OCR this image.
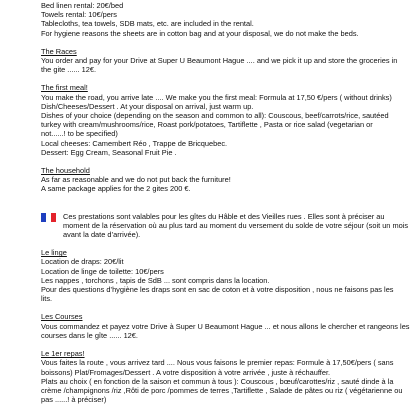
Bed linen rental: 20€/bed
Towels rental: 10€/pers
Tablecloths, tea towels, SDB mats, etc. are included in the rental.
For hygiene reasons the sheets are in cotton bag and at your disposal, we do not make the beds.
The Races
You order and pay for your Drive at Super U Beaumont Hague .... and we pick it up and store the groceries in
the gite ...... 12€.
The first meal!
You make the road, you arrive late .... We make you the first meal: Formula at 17,50 €/pers ( without drinks)
Dish/Cheeses/Dessert . At your disposal on arrival, just warm up.
Dishes of your choice (depending on the season and common to all): Couscous, beef/carrots/rice, sautéed
turkey with cream/mushrooms/rice, Roast pork/potatoes, Tartiflette , Pasta or rice salad (vegetarian or
not......! to be specified)
Local cheeses: Camembert Réo , Trappe de Bricquebec.
Dessert: Egg Cream, Seasonal Fruit Pie .
The household
As far as reasonable and we do not put back the furniture!
A same package applies for the 2 gites 200 €.
Ces prestations sont valables pour les gîtes du Hâble et des Vieilles rues . Elles sont à préciser au moment de la réservation où au plus tard au moment du versement du solde de votre séjour (soit un mois avant la date d’arrivée).
Le linge
Location de draps: 20€/lit
Location de linge de toilette: 10€/pers
Les nappes , torchons , tapis de SdB ... sont compris dans la location.
Pour des questions d’hygiène les draps sont en sac de coton et à votre disposition , nous ne faisons pas les
lits.
Les Courses
Vous commandez et payez votre Drive à Super U Beaumont Hague ... et nous allons le chercher et rangeons les
courses dans le gîte ...... 12€.
Le 1er repas!
Vous faites la route , vous arrivez tard .... Nous vous faisons le premier repas: Formule à 17,50€/pers ( sans
boissons) Plat/Fromages/Dessert . A votre disposition à votre arrivée , juste à réchauffer.
Plats au choix ( en fonction de la saison et commun à tous ): Couscous , bœuf/carottes/riz , sauté dinde à la
crème /champignons /riz ,Rôti de porc /pommes de terres ,Tartiflette , Salade de pâtes ou riz ( végétarienne ou
pas ......! à préciser)
